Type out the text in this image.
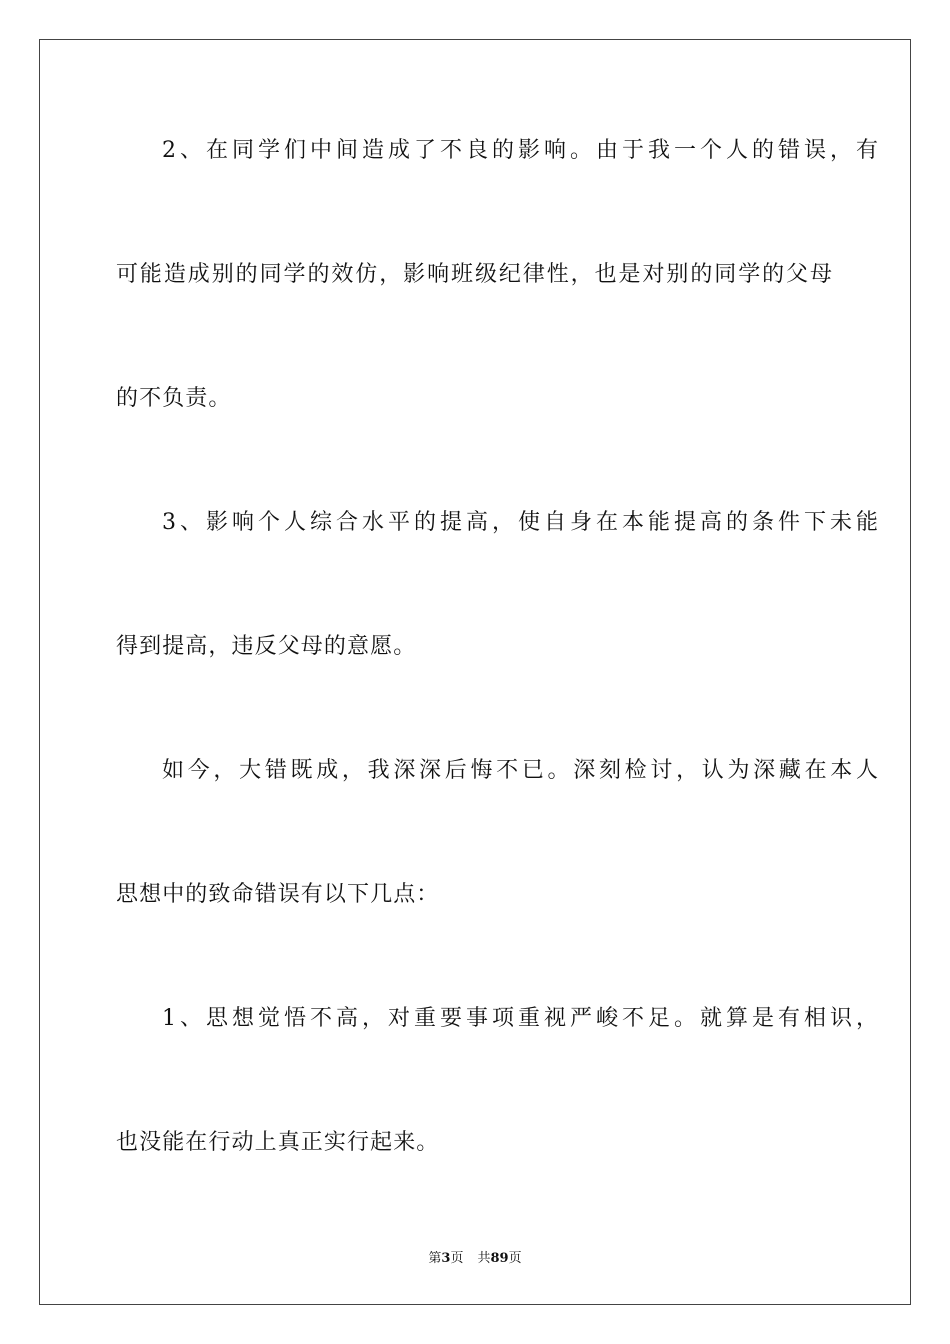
2、在同学们中间造成了不良的影响。由于我一个人的错误，有
可能造成别的同学的效仿，影响班级纪律性，也是对别的同学的父母
的不负责。
3、影响个人综合水平的提高，使自身在本能提高的条件下未能
得到提高，违反父母的意愿。
如今，大错既成，我深深后悔不已。深刻检讨，认为深藏在本人
思想中的致命错误有以下几点：
1、思想觉悟不高，对重要事项重视严峻不足。就算是有相识，
也没能在行动上真正实行起来。
第3页 共89页
